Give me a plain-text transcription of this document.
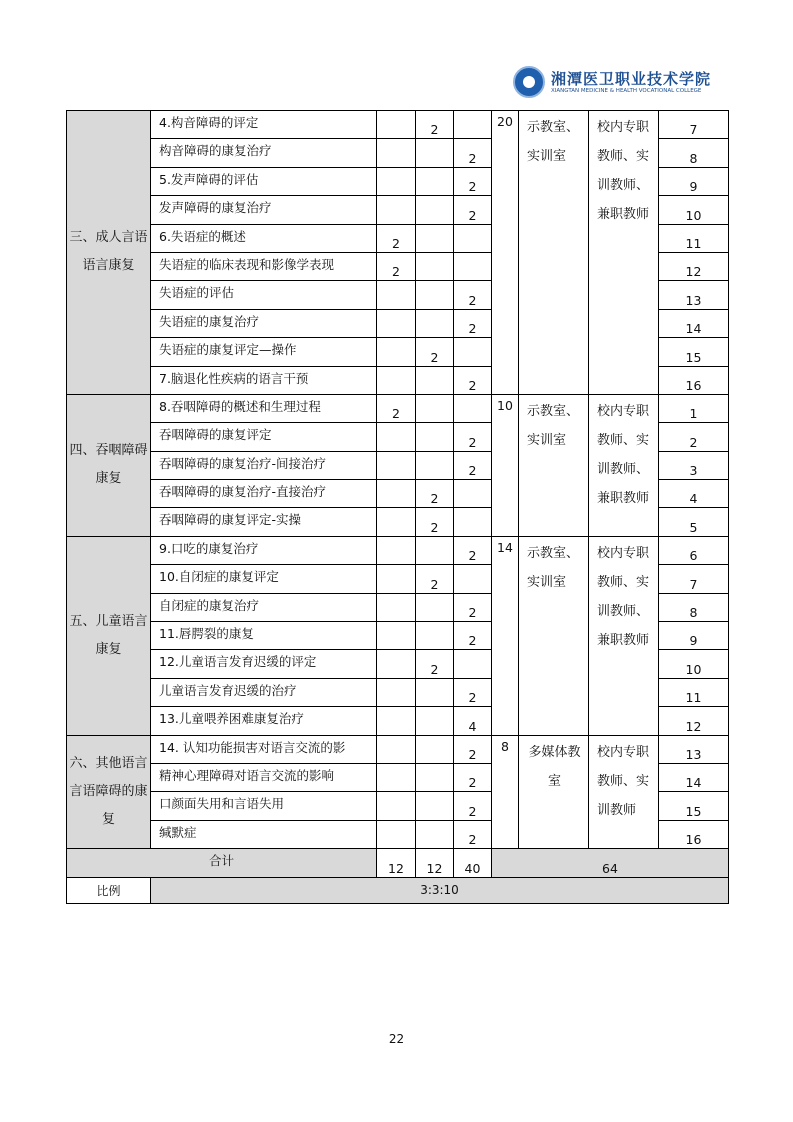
湘潭医卫职业技术学院
XIANGTAN MEDICINE & HEALTH VOCATIONAL COLLEGE
三、成人言语语言康复	4.构音障碍的评定		2		20	示教室、实训室	校内专职教师、实训教师、兼职教师	7
	构音障碍的康复治疗			2				8
	5.发声障碍的评估			2				9
	发声障碍的康复治疗			2				10
	6.失语症的概述	2						11
	失语症的临床表现和影像学表现	2						12
	失语症的评估			2				13
	失语症的康复治疗			2				14
	失语症的康复评定—操作		2					15
	7.脑退化性疾病的语言干预			2				16
四、吞咽障碍康复	8.吞咽障碍的概述和生理过程	2			10	示教室、实训室	校内专职教师、实训教师、兼职教师	1
	吞咽障碍的康复评定			2				2
	吞咽障碍的康复治疗-间接治疗			2				3
	吞咽障碍的康复治疗-直接治疗		2					4
	吞咽障碍的康复评定-实操		2					5
五、儿童语言康复	9.口吃的康复治疗			2	14	示教室、实训室	校内专职教师、实训教师、兼职教师	6
	10.自闭症的康复评定		2					7
	自闭症的康复治疗			2				8
	11.唇腭裂的康复			2				9
	12.儿童语言发育迟缓的评定		2					10
	儿童语言发育迟缓的治疗			2				11
	13.儿童喂养困难康复治疗			4				12
六、其他语言言语障碍的康复	14. 认知功能损害对语言交流的影			2	8	多媒体教室	校内专职教师、实训教师	13
	精神心理障碍对语言交流的影响			2				14
	口颜面失用和言语失用			2				15
	缄默症			2				16
合计		12	12	40	64			
比例	3:3:10							
22
